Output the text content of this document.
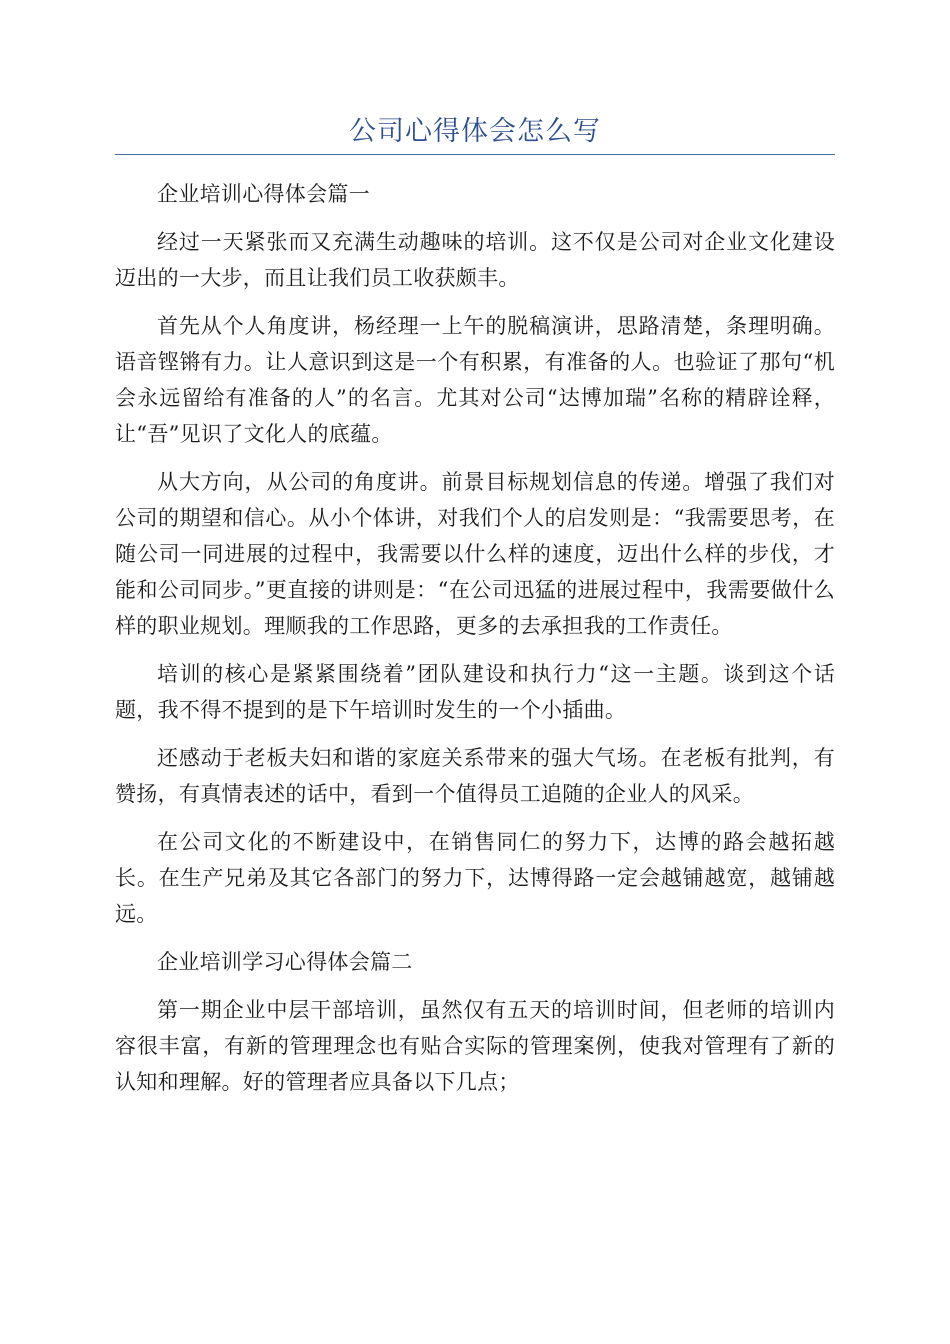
公司心得体会怎么写

企业培训心得体会篇一

经过一天紧张而又充满生动趣味的培训。这不仅是公司对企业文化建设迈出的一大步，而且让我们员工收获颇丰。

首先从个人角度讲，杨经理一上午的脱稿演讲，思路清楚，条理明确。语音铿锵有力。让人意识到这是一个有积累，有准备的人。也验证了那句“机会永远留给有准备的人”的名言。尤其对公司“达博加瑞”名称的精辟诠释，让“吾”见识了文化人的底蕴。

从大方向，从公司的角度讲。前景目标规划信息的传递。增强了我们对公司的期望和信心。从小个体讲，对我们个人的启发则是：“我需要思考，在随公司一同进展的过程中，我需要以什么样的速度，迈出什么样的步伐，才能和公司同步。”更直接的讲则是：“在公司迅猛的进展过程中，我需要做什么样的职业规划。理顺我的工作思路，更多的去承担我的工作责任。

培训的核心是紧紧围绕着”团队建设和执行力“这一主题。谈到这个话题，我不得不提到的是下午培训时发生的一个小插曲。

还感动于老板夫妇和谐的家庭关系带来的强大气场。在老板有批判，有赞扬，有真情表述的话中，看到一个值得员工追随的企业人的风采。

在公司文化的不断建设中，在销售同仁的努力下，达博的路会越拓越长。在生产兄弟及其它各部门的努力下，达博得路一定会越铺越宽，越铺越远。

企业培训学习心得体会篇二

第一期企业中层干部培训，虽然仅有五天的培训时间，但老师的培训内容很丰富，有新的管理理念也有贴合实际的管理案例，使我对管理有了新的认知和理解。好的管理者应具备以下几点；
